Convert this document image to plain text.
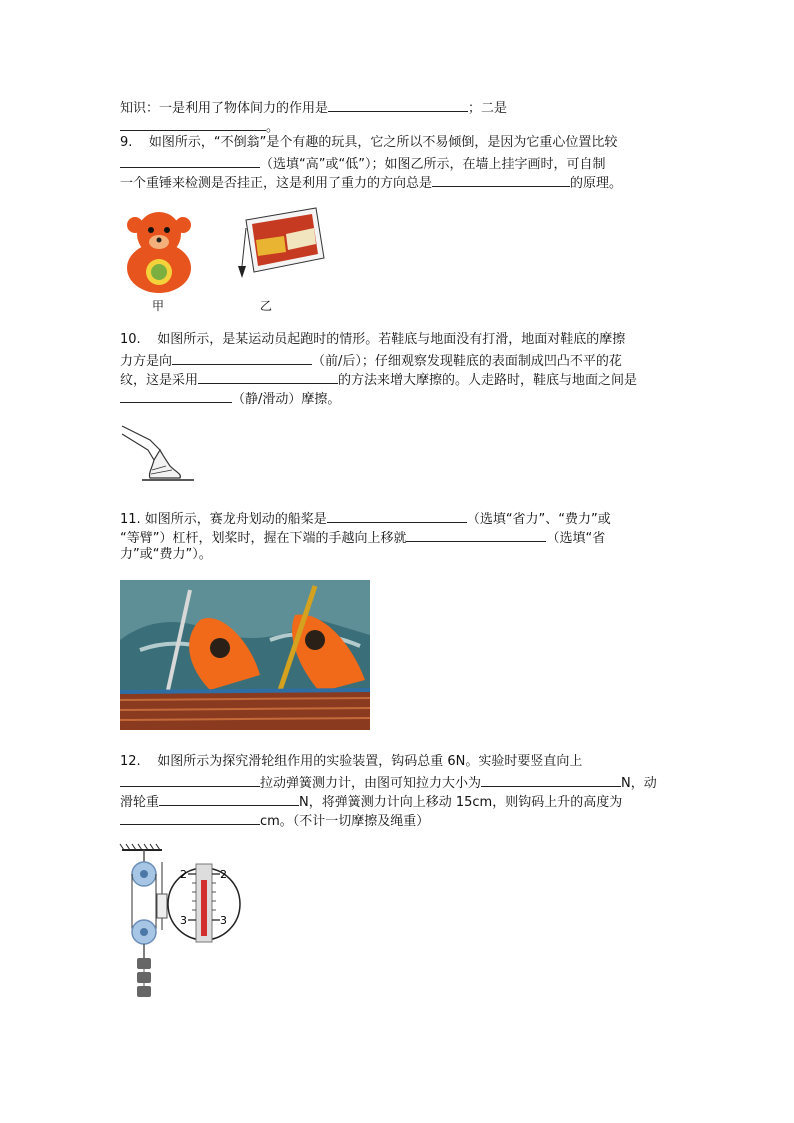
知识：一是利用了物体间力的作用是	；二是
。
9.    如图所示，“不倒翁”是个有趣的玩具，它之所以不易倾倒，是因为它重心位置比较
（选填“高”或“低”）；如图乙所示，在墙上挂字画时，可自制
一个重锤来检测是否挂正，这是利用了重力的方向总是	的原理。
甲	乙
10.    如图所示，是某运动员起跑时的情形。若鞋底与地面没有打滑，地面对鞋底的摩擦
力方是向	（前/后）；仔细观察发现鞋底的表面制成凹凸不平的花
纹，这是采用	的方法来增大摩擦的。人走路时，鞋底与地面之间是
（静/滑动）摩擦。
11. 如图所示，赛龙舟划动的船桨是	（选填“省力”、“费力”或
“等臂”）杠杆，划桨时，握在下端的手越向上移就	（选填“省
力”或“费力”）。
12.    如图所示为探究滑轮组作用的实验装置，钩码总重 6N。实验时要竖直向上
拉动弹簧测力计，由图可知拉力大小为	N，动
滑轮重	N，将弹簧测力计向上移动 15cm，则钩码上升的高度为
cm。（不计一切摩擦及绳重）
2	2
3	3
